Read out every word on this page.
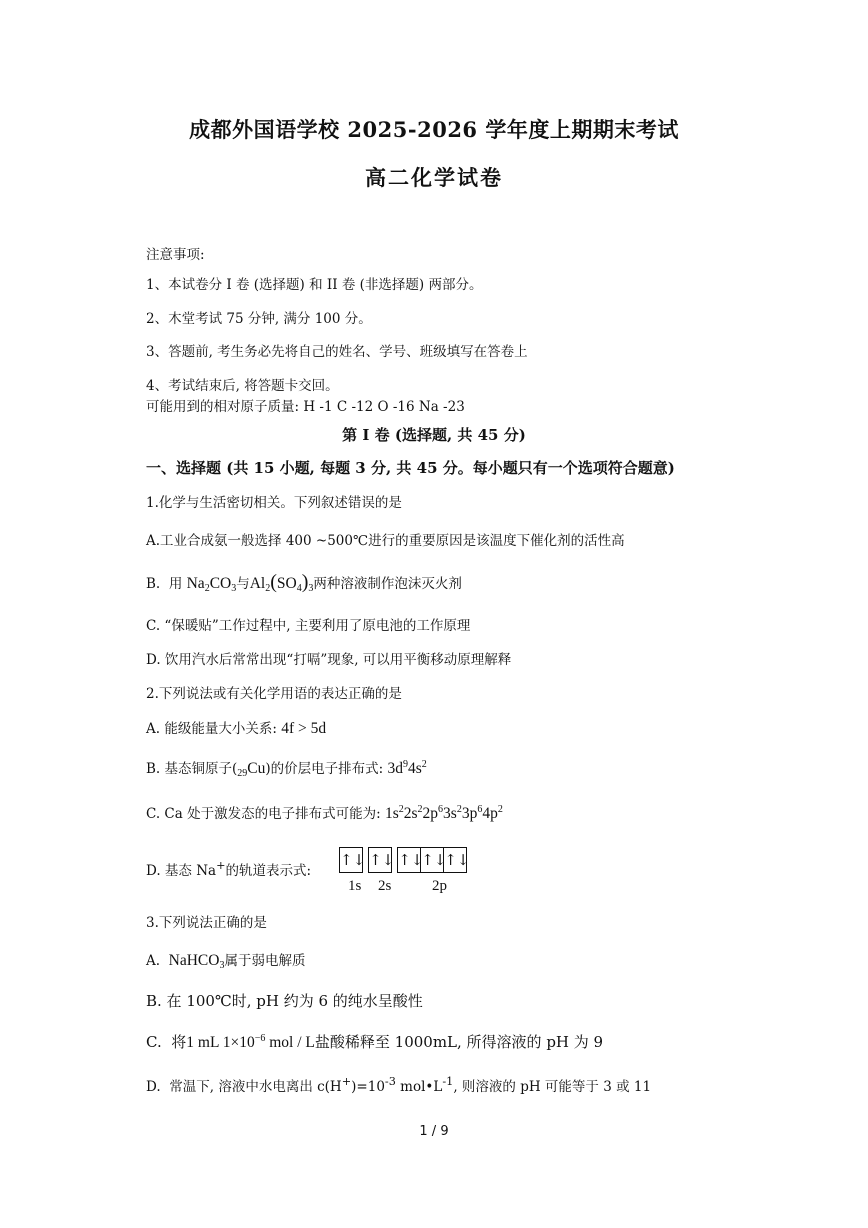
成都外国语学校 2025-2026 学年度上期期末考试
高二化学试卷
注意事项:
1、本试卷分 I 卷 (选择题) 和 II 卷 (非选择题) 两部分。
2、木堂考试 75 分钟, 满分 100 分。
3、答题前, 考生务必先将自己的姓名、学号、班级填写在答卷上
4、考试结束后, 将答题卡交回。
可能用到的相对原子质量: H -1 C -12 O -16 Na -23
第 I 卷 (选择题, 共 45 分)
一、选择题 (共 15 小题, 每题 3 分, 共 45 分。每小题只有一个选项符合题意)
1.化学与生活密切相关。下列叙述错误的是
A.工业合成氨一般选择 400 ~500℃进行的重要原因是该温度下催化剂的活性高
B. 用 $Na_2CO_3$与$Al_2(SO_4)_3$两种溶液制作泡沫灭火剂
C. “保暖贴”工作过程中, 主要利用了原电池的工作原理
D. 饮用汽水后常常出现“打嗝”现象, 可以用平衡移动原理解释
2.下列说法或有关化学用语的表达正确的是
A. 能级能量大小关系: 4f > 5d
B. 基态铜原子$(_{29}Cu)$的价层电子排布式: $3d^94s^2$
C. Ca 处于激发态的电子排布式可能为: $1s^22s^22p^63s^23p^64p^2$
D. 基态 Na+的轨道表示式:
↑↓ ↑↓ ↑↓↑↓↑↓
1s 2s	2p
3.下列说法正确的是
A. NaHCO$_3$属于弱电解质
B. 在 100℃时, pH 约为 6 的纯水呈酸性
C. 将1 mL $1\times 10^{-6}$ mol / L盐酸稀释至 1000mL, 所得溶液的 pH 为 9
D. 常温下, 溶液中水电离出 $c(H^+)=10^{-3}$ $mol•L^{-1}$, 则溶液的 pH 可能等于 3 或 11
1 / 9
